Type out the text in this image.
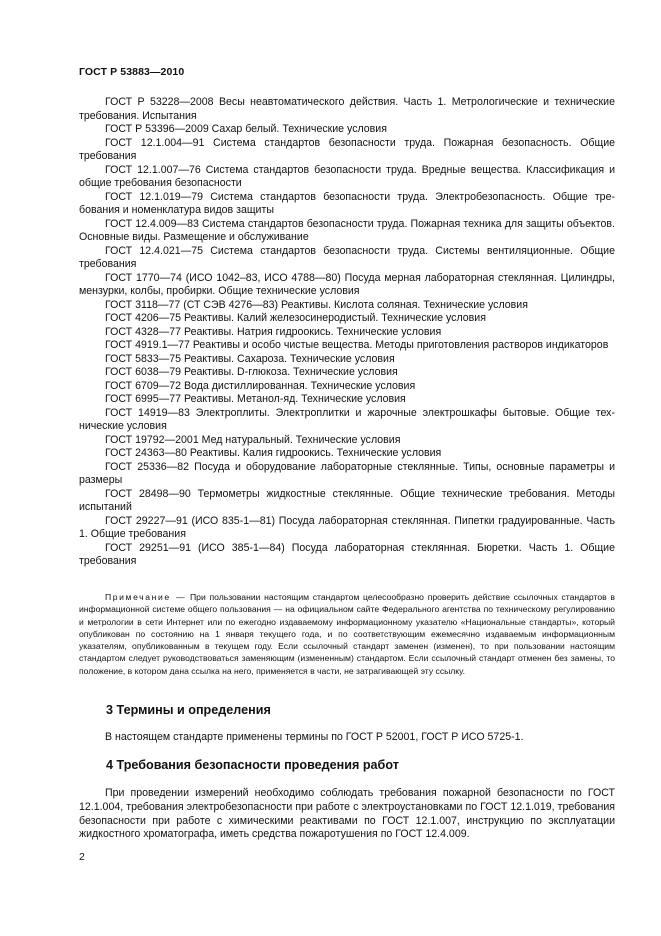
ГОСТ Р 53883—2010
ГОСТ Р 53228—2008 Весы неавтоматического действия. Часть 1. Метрологические и технические требования. Испытания
ГОСТ Р 53396—2009 Сахар белый. Технические условия
ГОСТ 12.1.004—91 Система стандартов безопасности труда. Пожарная безопасность. Общие требования
ГОСТ 12.1.007—76 Система стандартов безопасности труда. Вредные вещества. Классификация и общие требования безопасности
ГОСТ 12.1.019—79 Система стандартов безопасности труда. Электробезопасность. Общие требования и номенклатура видов защиты
ГОСТ 12.4.009—83 Система стандартов безопасности труда. Пожарная техника для защиты объектов. Основные виды. Размещение и обслуживание
ГОСТ 12.4.021—75 Система стандартов безопасности труда. Системы вентиляционные. Общие требования
ГОСТ 1770—74 (ИСО 1042–83, ИСО 4788—80) Посуда мерная лабораторная стеклянная. Цилиндры, мензурки, колбы, пробирки. Общие технические условия
ГОСТ 3118—77 (СТ СЭВ 4276—83) Реактивы. Кислота соляная. Технические условия
ГОСТ 4206—75 Реактивы. Калий железосинеродистый. Технические условия
ГОСТ 4328—77 Реактивы. Натрия гидроокись. Технические условия
ГОСТ 4919.1—77 Реактивы и особо чистые вещества. Методы приготовления растворов индикаторов
ГОСТ 5833—75 Реактивы. Сахароза. Технические условия
ГОСТ 6038—79 Реактивы. D-глюкоза. Технические условия
ГОСТ 6709—72 Вода дистиллированная. Технические условия
ГОСТ 6995—77 Реактивы. Метанол-яд. Технические условия
ГОСТ 14919—83 Электроплиты. Электроплитки и жарочные электрошкафы бытовые. Общие технические условия
ГОСТ 19792—2001 Мед натуральный. Технические условия
ГОСТ 24363—80 Реактивы. Калия гидроокись. Технические условия
ГОСТ 25336—82 Посуда и оборудование лабораторные стеклянные. Типы, основные параметры и размеры
ГОСТ 28498—90 Термометры жидкостные стеклянные. Общие технические требования. Методы испытаний
ГОСТ 29227—91 (ИСО 835-1—81) Посуда лабораторная стеклянная. Пипетки градуированные. Часть 1. Общие требования
ГОСТ 29251—91 (ИСО 385-1—84) Посуда лабораторная стеклянная. Бюретки. Часть 1. Общие требования
Примечание — При пользовании настоящим стандартом целесообразно проверить действие ссылочных стандартов в информационной системе общего пользования — на официальном сайте Федерального агентства по техническому регулированию и метрологии в сети Интернет или по ежегодно издаваемому информационному указателю «Национальные стандарты», который опубликован по состоянию на 1 января текущего года, и по соответствующим ежемесячно издаваемым информационным указателям, опубликованным в текущем году. Если ссылочный стандарт заменен (изменен), то при пользовании настоящим стандартом следует руководствоваться заменяющим (измененным) стандартом. Если ссылочный стандарт отменен без замены, то положение, в котором дана ссылка на него, применяется в части, не затрагивающей эту ссылку.
3 Термины и определения
В настоящем стандарте применены термины по ГОСТ Р 52001, ГОСТ Р ИСО 5725-1.
4 Требования безопасности проведения работ
При проведении измерений необходимо соблюдать требования пожарной безопасности по ГОСТ 12.1.004, требования электробезопасности при работе с электроустановками по ГОСТ 12.1.019, требования безопасности при работе с химическими реактивами по ГОСТ 12.1.007, инструкцию по эксплуатации жидкостного хроматографа, иметь средства пожаротушения по ГОСТ 12.4.009.
2
